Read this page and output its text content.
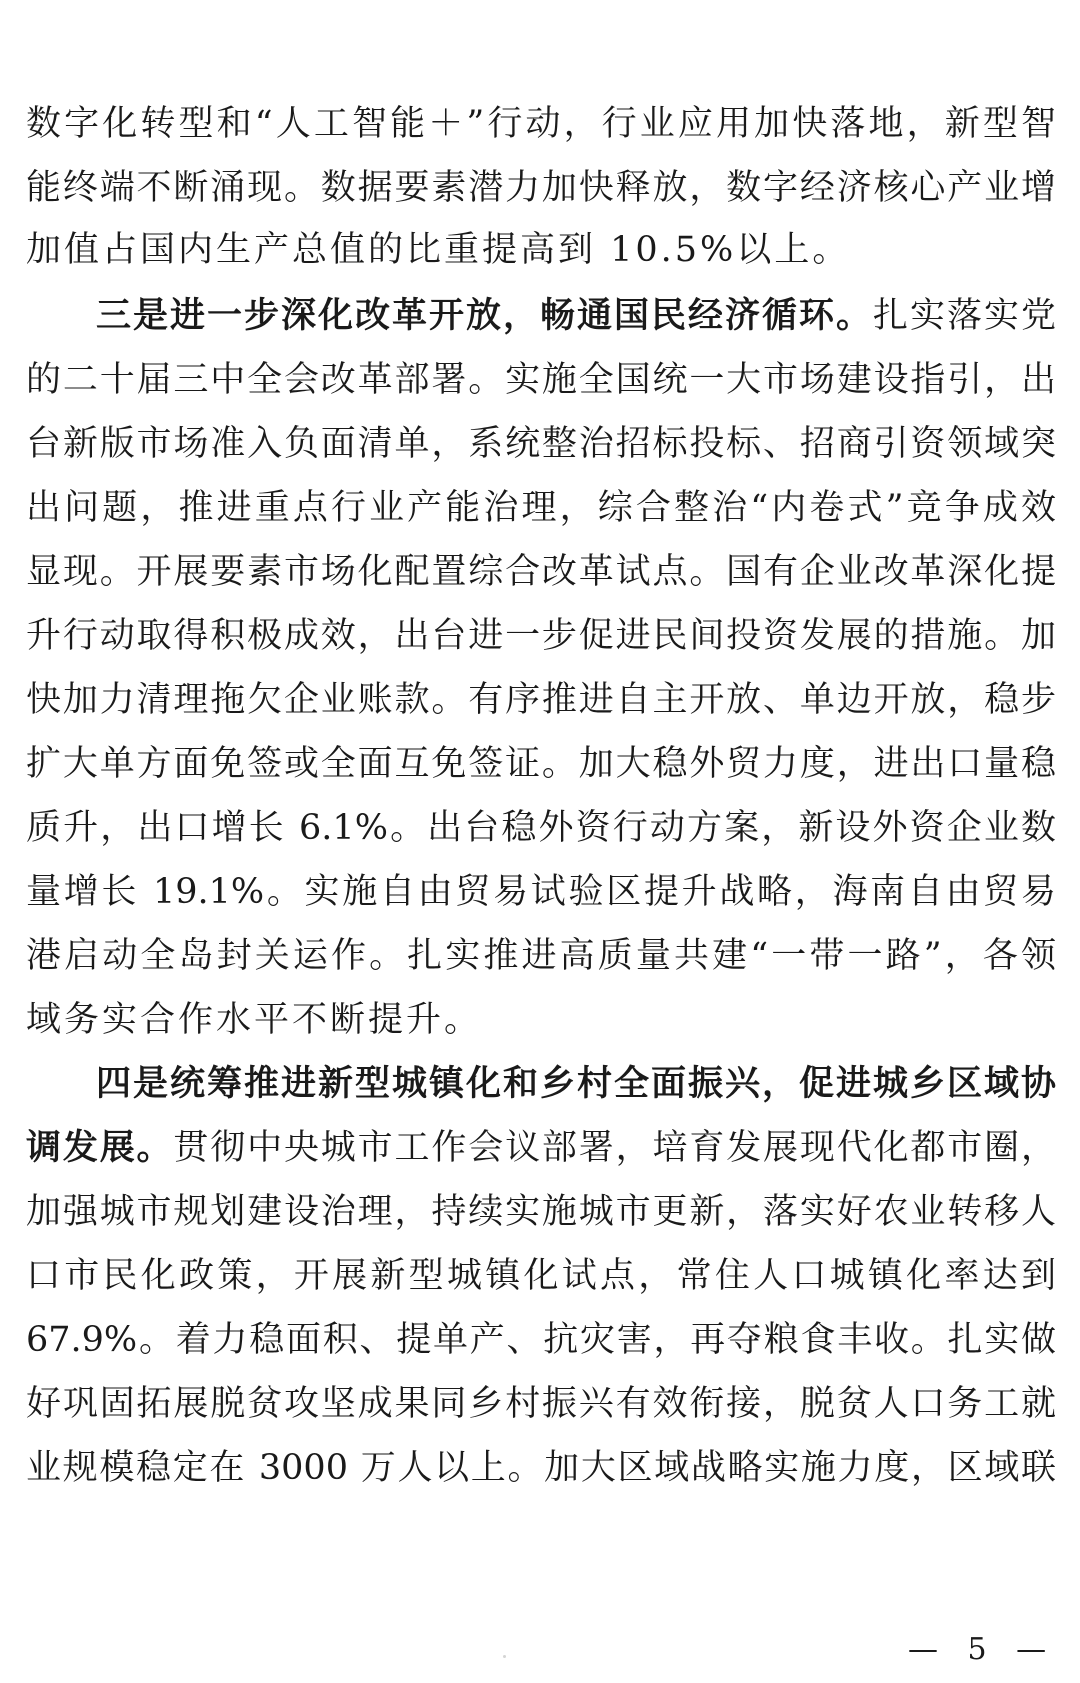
数字化转型和“人工智能＋”行动，行业应用加快落地，新型智
能终端不断涌现。数据要素潜力加快释放，数字经济核心产业增
加值占国内生产总值的比重提高到 10.5%以上。
三是进一步深化改革开放，畅通国民经济循环。扎实落实党
的二十届三中全会改革部署。实施全国统一大市场建设指引，出
台新版市场准入负面清单，系统整治招标投标、招商引资领域突
出问题，推进重点行业产能治理，综合整治“内卷式”竞争成效
显现。开展要素市场化配置综合改革试点。国有企业改革深化提
升行动取得积极成效，出台进一步促进民间投资发展的措施。加
快加力清理拖欠企业账款。有序推进自主开放、单边开放，稳步
扩大单方面免签或全面互免签证。加大稳外贸力度，进出口量稳
质升，出口增长 6.1%。出台稳外资行动方案，新设外资企业数
量增长 19.1%。实施自由贸易试验区提升战略，海南自由贸易
港启动全岛封关运作。扎实推进高质量共建“一带一路”，各领
域务实合作水平不断提升。
四是统筹推进新型城镇化和乡村全面振兴，促进城乡区域协
调发展。贯彻中央城市工作会议部署，培育发展现代化都市圈，
加强城市规划建设治理，持续实施城市更新，落实好农业转移人
口市民化政策，开展新型城镇化试点，常住人口城镇化率达到
67.9%。着力稳面积、提单产、抗灾害，再夺粮食丰收。扎实做
好巩固拓展脱贫攻坚成果同乡村振兴有效衔接，脱贫人口务工就
业规模稳定在 3000 万人以上。加大区域战略实施力度，区域联
— 5 —
